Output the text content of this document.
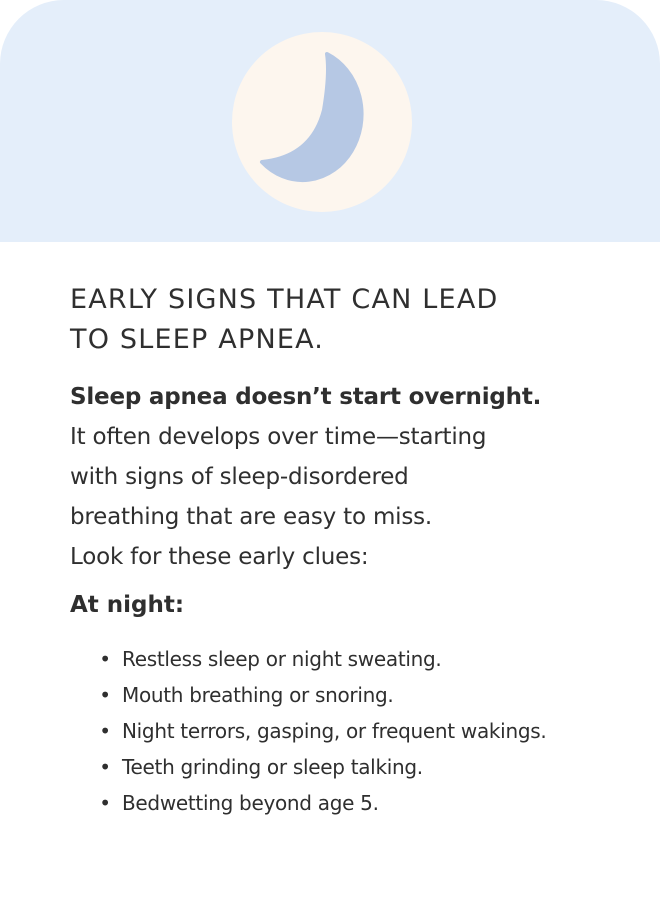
EARLY SIGNS THAT CAN LEAD
TO SLEEP APNEA.

Sleep apnea doesn’t start overnight.
It often develops over time—starting
with signs of sleep-disordered
breathing that are easy to miss.
Look for these early clues:

At night:
• Restless sleep or night sweating.
• Mouth breathing or snoring.
• Night terrors, gasping, or frequent wakings.
• Teeth grinding or sleep talking.
• Bedwetting beyond age 5.
